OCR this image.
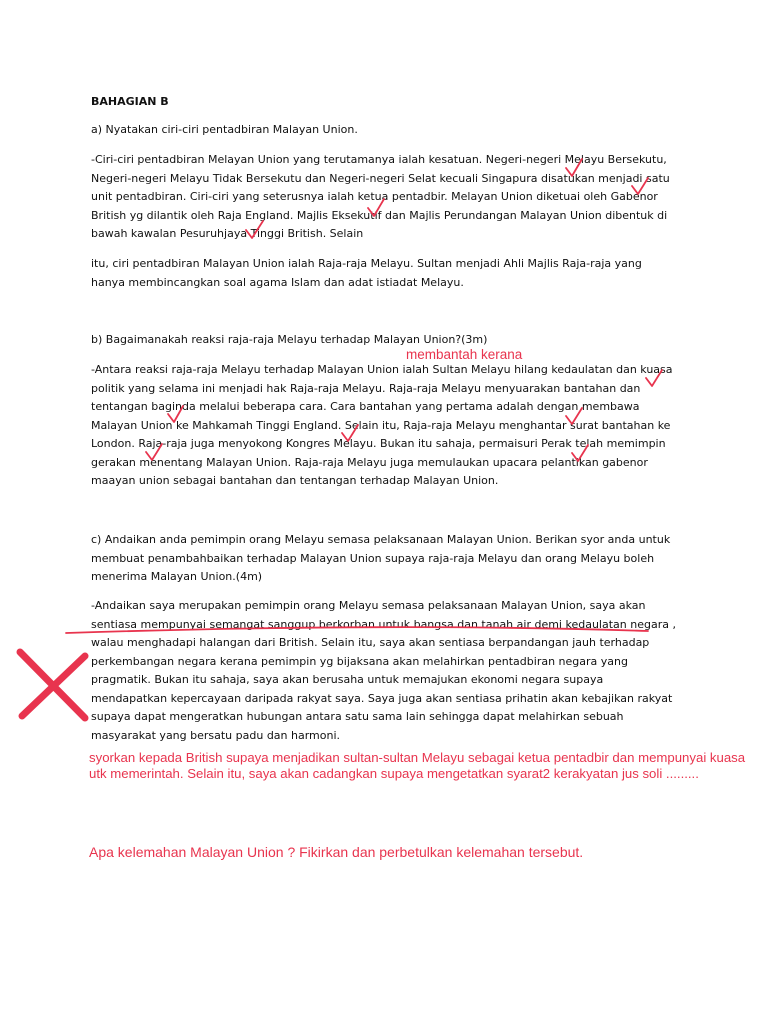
BAHAGIAN B

a) Nyatakan ciri-ciri pentadbiran Malayan Union.

-Ciri-ciri pentadbiran Melayan Union yang terutamanya ialah kesatuan. Negeri-negeri Melayu Bersekutu, Negeri-negeri Melayu Tidak Bersekutu dan Negeri-negeri Selat kecuali Singapura disatukan menjadi satu unit pentadbiran. Ciri-ciri yang seterusnya ialah ketua pentadbir. Melayan Union diketuai oleh Gabenor British yg dilantik oleh Raja England. Majlis Eksekutif dan Majlis Perundangan Malayan Union dibentuk di bawah kawalan Pesuruhjaya Tinggi British. Selain

itu, ciri pentadbiran Malayan Union ialah Raja-raja Melayu. Sultan menjadi Ahli Majlis Raja-raja yang hanya membincangkan soal agama Islam dan adat istiadat Melayu.

b) Bagaimanakah reaksi raja-raja Melayu terhadap Malayan Union?(3m)

-Antara reaksi raja-raja Melayu terhadap Malayan Union ialah Sultan Melayu hilang kedaulatan dan kuasa politik yang selama ini menjadi hak Raja-raja Melayu. Raja-raja Melayu menyuarakan bantahan dan tentangan baginda melalui beberapa cara. Cara bantahan yang pertama adalah dengan membawa Malayan Union ke Mahkamah Tinggi England. Selain itu, Raja-raja Melayu menghantar surat bantahan ke London. Raja-raja juga menyokong Kongres Melayu. Bukan itu sahaja, permaisuri Perak telah memimpin gerakan menentang Malayan Union. Raja-raja Melayu juga memulaukan upacara pelantikan gabenor maayan union sebagai bantahan dan tentangan terhadap Malayan Union.

c) Andaikan anda pemimpin orang Melayu semasa pelaksanaan Malayan Union. Berikan syor anda untuk membuat penambahbaikan terhadap Malayan Union supaya raja-raja Melayu dan orang Melayu boleh menerima Malayan Union.(4m)

-Andaikan saya merupakan pemimpin orang Melayu semasa pelaksanaan Malayan Union, saya akan sentiasa mempunyai semangat sanggup berkorban untuk bangsa dan tanah air demi kedaulatan negara , walau menghadapi halangan dari British. Selain itu, saya akan sentiasa berpandangan jauh terhadap perkembangan negara kerana pemimpin yg bijaksana akan melahirkan pentadbiran negara yang pragmatik. Bukan itu sahaja, saya akan berusaha untuk memajukan ekonomi negara supaya mendapatkan kepercayaan daripada rakyat saya. Saya juga akan sentiasa prihatin akan kebajikan rakyat supaya dapat mengeratkan hubungan antara satu sama lain sehingga dapat melahirkan sebuah masyarakat yang bersatu padu dan harmoni.

membantah kerana
syorkan kepada British supaya menjadikan sultan-sultan Melayu sebagai ketua pentadbir dan mempunyai kuasa utk memerintah. Selain itu, saya akan cadangkan supaya mengetatkan syarat2 kerakyatan jus soli .........
Apa kelemahan Malayan Union ? Fikirkan dan perbetulkan kelemahan tersebut.
